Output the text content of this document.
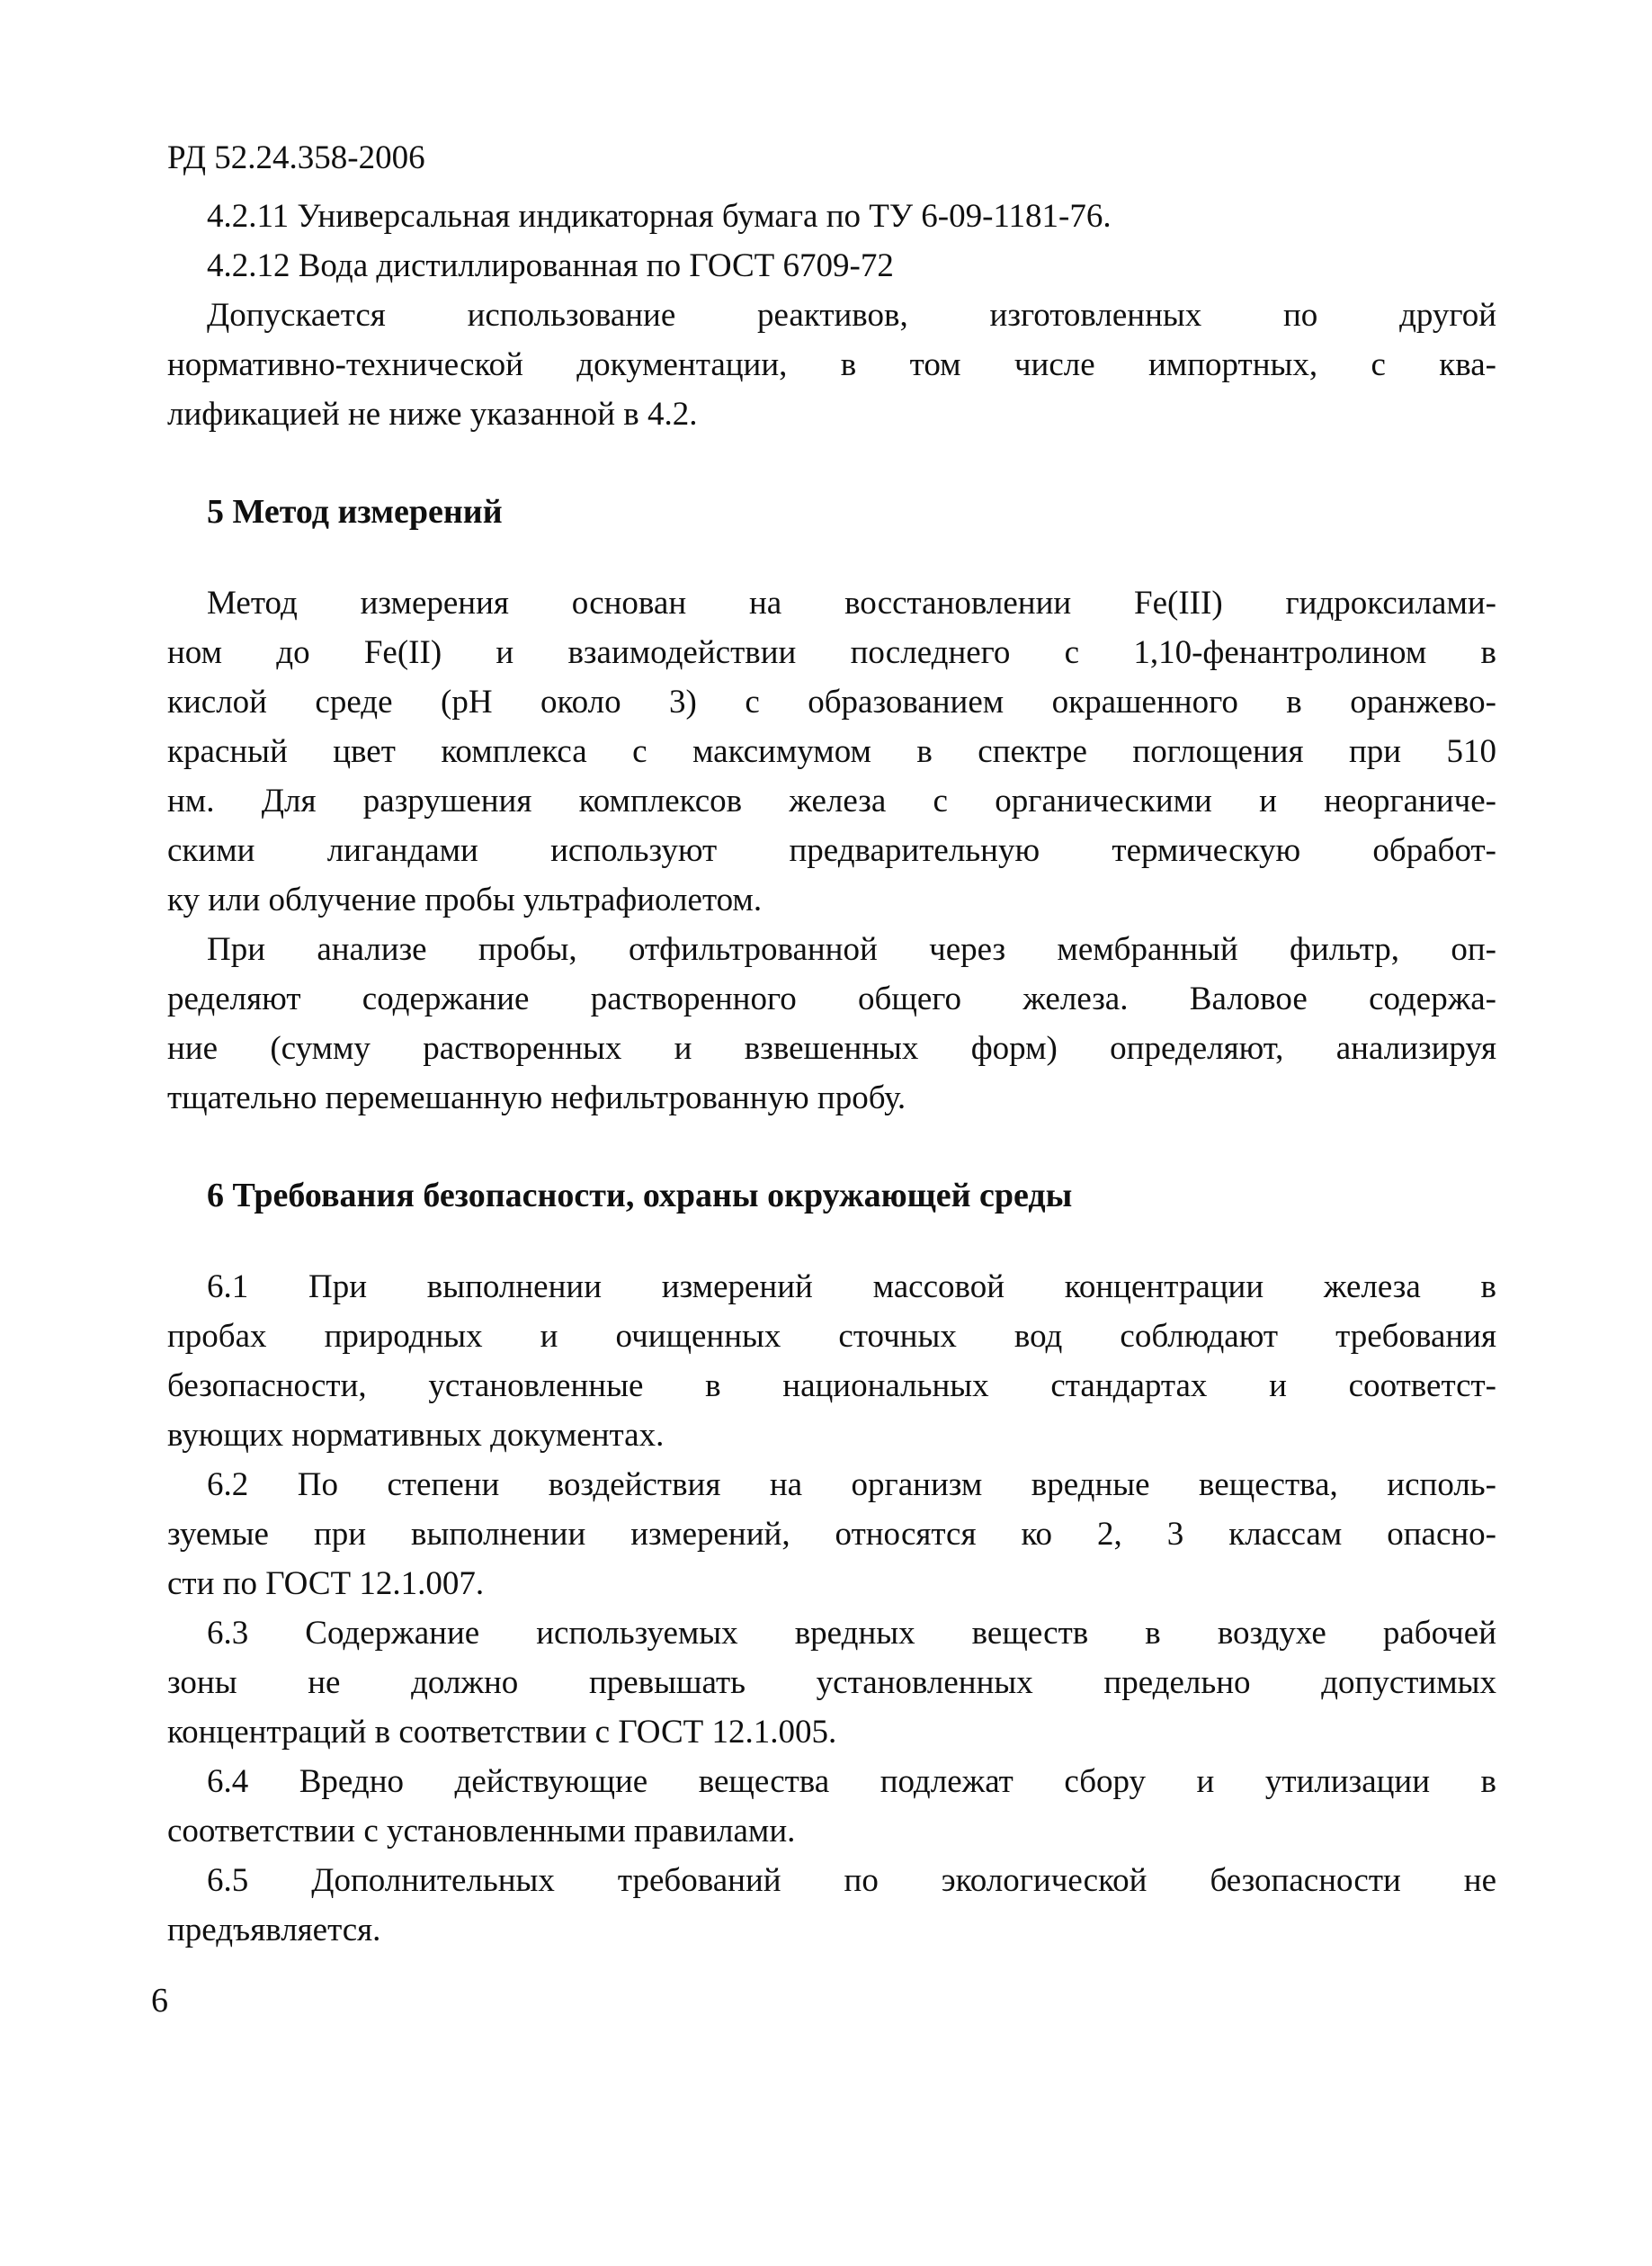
РД 52.24.358-2006
4.2.11 Универсальная индикаторная бумага по ТУ 6-09-1181-76.
4.2.12 Вода дистиллированная по ГОСТ 6709-72
Допускается использование реактивов, изготовленных по другой
нормативно-технической документации, в том числе импортных, с ква-
лификацией не ниже указанной в 4.2.
5 Метод измерений
Метод измерения основан на восстановлении Fe(III) гидроксилами-
ном до Fe(II) и взаимодействии последнего с 1,10-фенантролином в
кислой среде (рН около 3) с образованием окрашенного в оранжево-
красный цвет комплекса с максимумом в спектре поглощения при 510
нм. Для разрушения комплексов железа с органическими и неорганиче-
скими лигандами используют предварительную термическую обработ-
ку или облучение пробы ультрафиолетом.
При анализе пробы, отфильтрованной через мембранный фильтр, оп-
ределяют содержание растворенного общего железа. Валовое содержа-
ние (сумму растворенных и взвешенных форм) определяют, анализируя
тщательно перемешанную нефильтрованную пробу.
6 Требования безопасности, охраны окружающей среды
6.1 При выполнении измерений массовой концентрации железа в
пробах природных и очищенных сточных вод соблюдают требования
безопасности, установленные в национальных стандартах и соответст-
вующих нормативных документах.
6.2 По степени воздействия на организм вредные вещества, исполь-
зуемые при выполнении измерений, относятся ко 2, 3 классам опасно-
сти по ГОСТ 12.1.007.
6.3 Содержание используемых вредных веществ в воздухе рабочей
зоны не должно превышать установленных предельно допустимых
концентраций в соответствии с ГОСТ 12.1.005.
6.4 Вредно действующие вещества подлежат сбору и утилизации в
соответствии с установленными правилами.
6.5 Дополнительных требований по экологической безопасности не
предъявляется.
6
